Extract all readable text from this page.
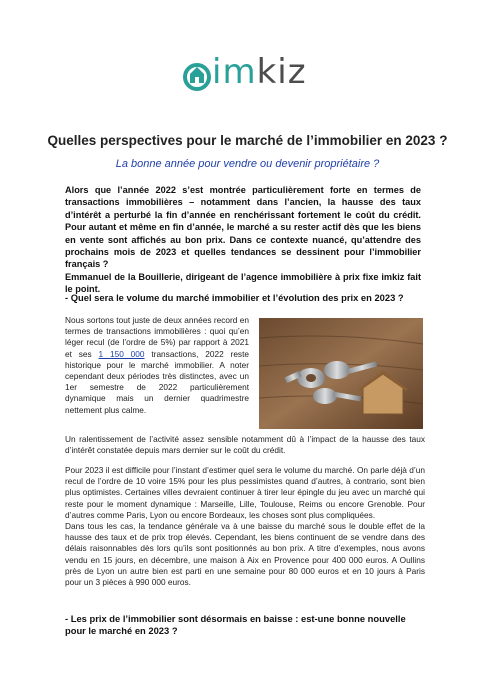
imkiz
Quelles perspectives pour le marché de l’immobilier en 2023 ?
La bonne année pour vendre ou devenir propriétaire ?

Alors que l’année 2022 s’est montrée particulièrement forte en termes de transactions immobilières – notamment dans l’ancien, la hausse des taux d’intérêt a perturbé la fin d’année en renchérissant fortement le coût du crédit. Pour autant et même en fin d’année, le marché a su rester actif dès que les biens en vente sont affichés au bon prix. Dans ce contexte nuancé, qu’attendre des prochains mois de 2023 et quelles tendances se dessinent pour l’immobilier français ?

Emmanuel de la Bouillerie, dirigeant de l’agence immobilière à prix fixe imkiz fait le point.

- Quel sera le volume du marché immobilier et l’évolution des prix en 2023 ?

Nous sortons tout juste de deux années record en termes de transactions immobilières : quoi qu’en léger recul (de l’ordre de 5%) par rapport à 2021 et ses 1 150 000 transactions, 2022 reste historique pour le marché immobilier. A noter cependant deux périodes très distinctes, avec un 1er semestre de 2022 particulièrement dynamique mais un dernier quadrimestre nettement plus calme.

Un ralentissement de l’activité assez sensible notamment dû à l’impact de la hausse des taux d’intérêt constatée depuis mars dernier sur le coût du crédit.

Pour 2023 il est difficile pour l’instant d’estimer quel sera le volume du marché. On parle déjà d’un recul de l’ordre de 10 voire 15% pour les plus pessimistes quand d’autres, à contrario, sont bien plus optimistes. Certaines villes devraient continuer à tirer leur épingle du jeu avec un marché qui reste pour le moment dynamique : Marseille, Lille, Toulouse, Reims ou encore Grenoble. Pour d’autres comme Paris, Lyon ou encore Bordeaux, les choses sont plus compliquées.

Dans tous les cas, la tendance générale va à une baisse du marché sous le double effet de la hausse des taux et de prix trop élevés. Cependant, les biens continuent de se vendre dans des délais raisonnables dès lors qu’ils sont positionnés au bon prix. A titre d’exemples, nous avons vendu en 15 jours, en décembre, une maison à Aix en Provence pour 400 000 euros. A Oullins près de Lyon un autre bien est parti en une semaine pour 80 000 euros et en 10 jours à Paris pour un 3 pièces à 990 000 euros.

- Les prix de l’immobilier sont désormais en baisse : est-une bonne nouvelle pour le marché en 2023 ?
